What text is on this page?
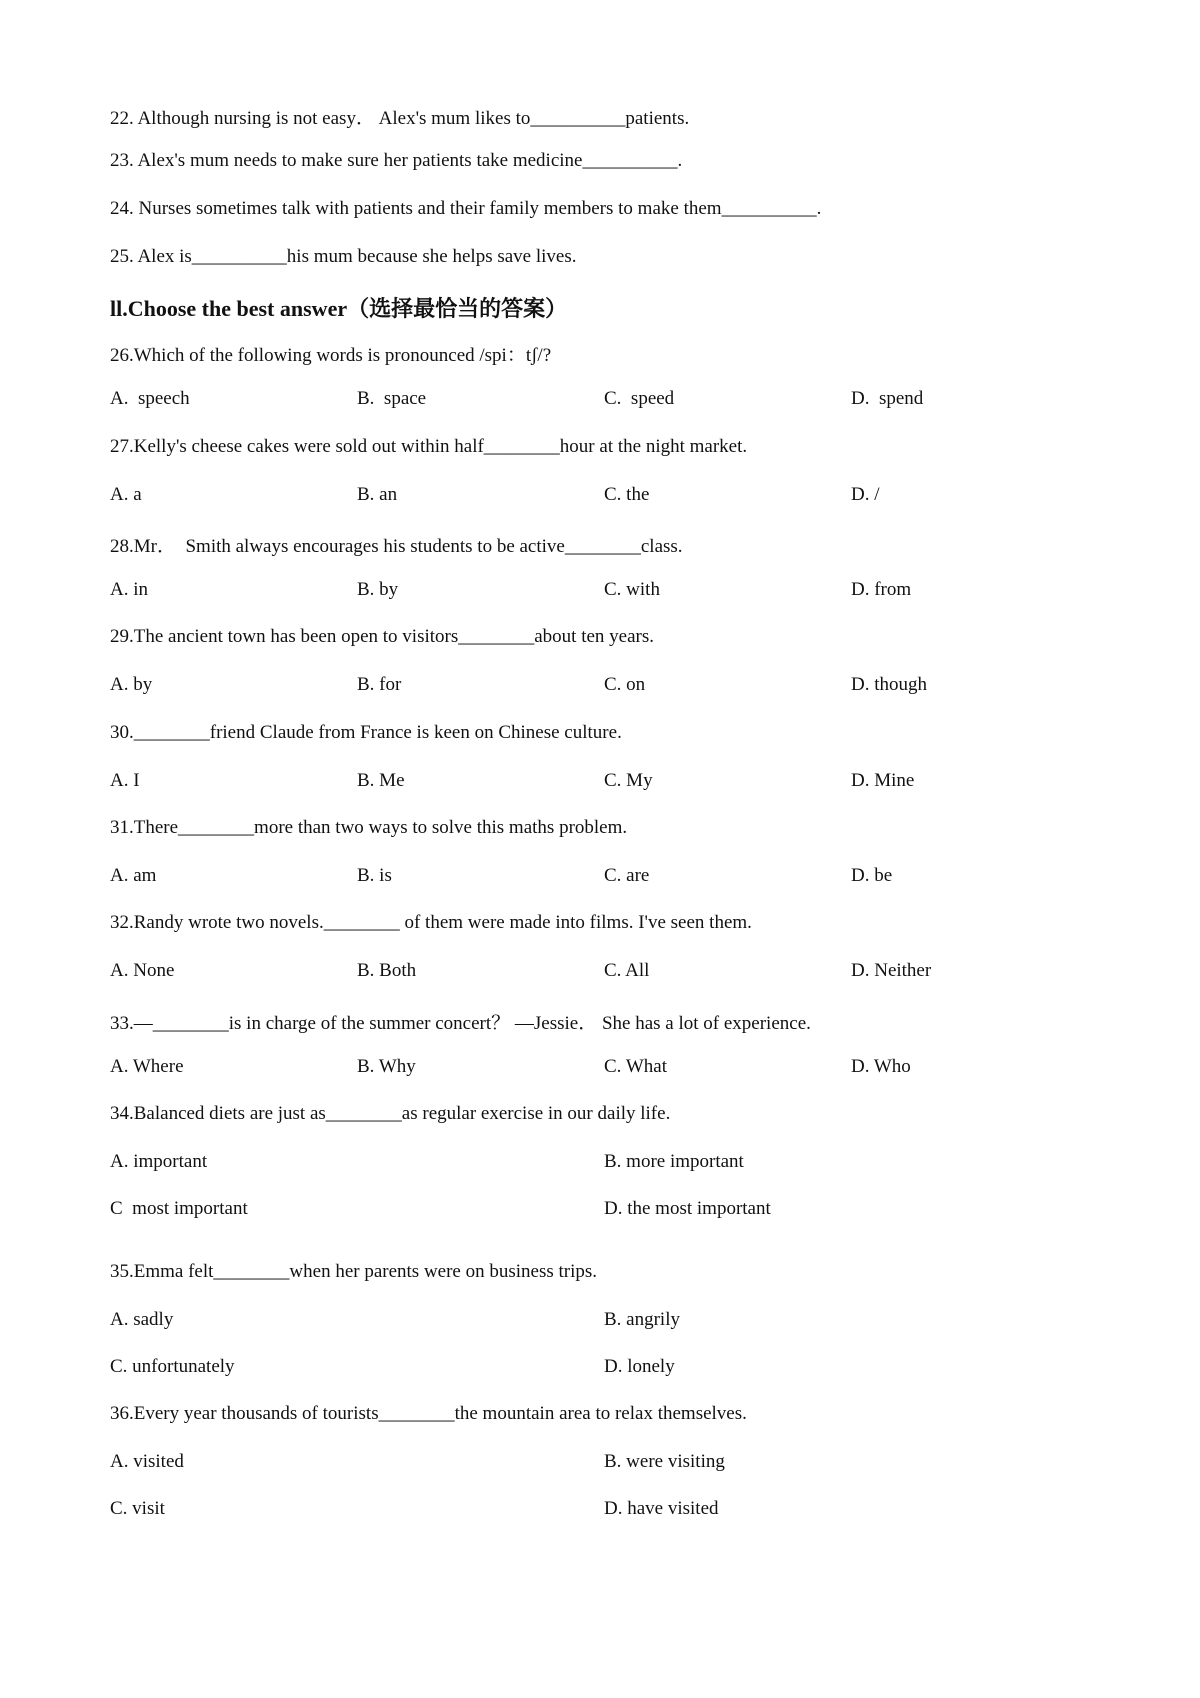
22. Although nursing is not easy． Alex's mum likes to__________patients.
23. Alex's mum needs to make sure her patients take medicine__________.
24. Nurses sometimes talk with patients and their family members to make them__________.
25. Alex is__________his mum because she helps save lives.
ll.Choose the best answer（选择最恰当的答案）
26.Which of the following words is pronounced /spi：tʃ/?
A.  speech	B.  space	C.  speed	D.  spend
27.Kelly's cheese cakes were sold out within half________hour at the night market.
A. a	B. an	C. the	D. /
28.Mr．  Smith always encourages his students to be active________class.
A. in	B. by	C. with	D. from
29.The ancient town has been open to visitors________about ten years.
A. by	B. for	C. on	D. though
30.________friend Claude from France is keen on Chinese culture.
A. I	B. Me	C. My	D. Mine
31.There________more than two ways to solve this maths problem.
A. am	B. is	C. are	D. be
32.Randy wrote two novels.________ of them were made into films. I've seen them.
A. None	B. Both	C. All	D. Neither
33.—________is in charge of the summer concert？ —Jessie． She has a lot of experience.
A. Where	B. Why	C. What	D. Who
34.Balanced diets are just as________as regular exercise in our daily life.
A. important	B. more important
C  most important	D. the most important
35.Emma felt________when her parents were on business trips.
A. sadly	B. angrily
C. unfortunately	D. lonely
36.Every year thousands of tourists________the mountain area to relax themselves.
A. visited	B. were visiting
C. visit	D. have visited
